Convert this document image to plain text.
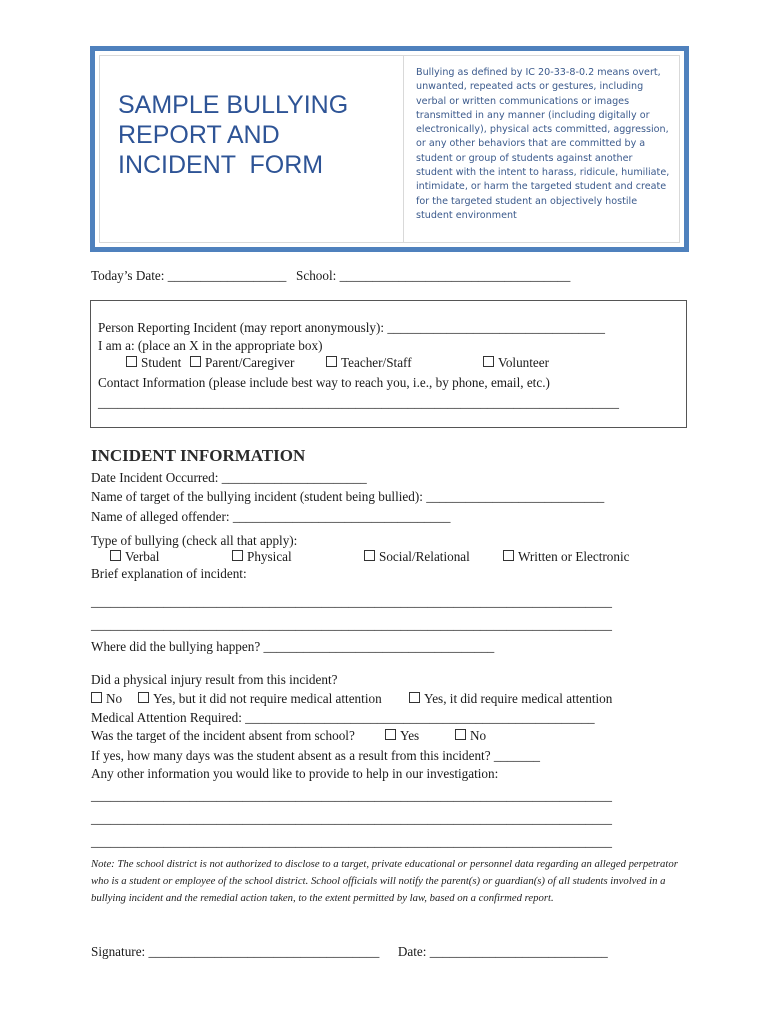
SAMPLE BULLYING
REPORT AND
INCIDENT  FORM
Bullying as defined by IC 20-33-8-0.2 means overt, unwanted, repeated acts or gestures, including verbal or written communications or images transmitted in any manner (including digitally or electronically), physical acts committed, aggression, or any other behaviors that are committed by a student or group of students against another student with the intent to harass, ridicule, humiliate, intimidate, or harm the targeted student and create for the targeted student an objectively hostile student environment
Today’s Date: __________________ School: ___________________________________
Person Reporting Incident (may report anonymously): _________________________________
I am a: (place an X in the appropriate box)
Student	Parent/Caregiver	Teacher/Staff	Volunteer
Contact Information (please include best way to reach you, i.e., by phone, email, etc.)
_______________________________________________________________________________
INCIDENT INFORMATION
Date Incident Occurred: ______________________
Name of target of the bullying incident (student being bullied): ___________________________
Name of alleged offender: _________________________________
Type of bullying (check all that apply):
Verbal	Physical	Social/Relational	Written or Electronic
Brief explanation of incident:
_______________________________________________________________________________
_______________________________________________________________________________
Where did the bullying happen? ___________________________________
Did a physical injury result from this incident?
No	Yes, but it did not require medical attention	Yes, it did require medical attention
Medical Attention Required: _____________________________________________________
Was the target of the incident absent from school?	Yes	No
If yes, how many days was the student absent as a result from this incident? _______
Any other information you would like to provide to help in our investigation:
_______________________________________________________________________________
_______________________________________________________________________________
_______________________________________________________________________________
Note: The school district is not authorized to disclose to a target, private educational or personnel data regarding an alleged perpetrator who is a student or employee of the school district. School officials will notify the parent(s) or guardian(s) of all students involved in a bullying incident and the remedial action taken, to the extent permitted by law, based on a confirmed report.
Signature: ___________________________________ Date: ___________________________
